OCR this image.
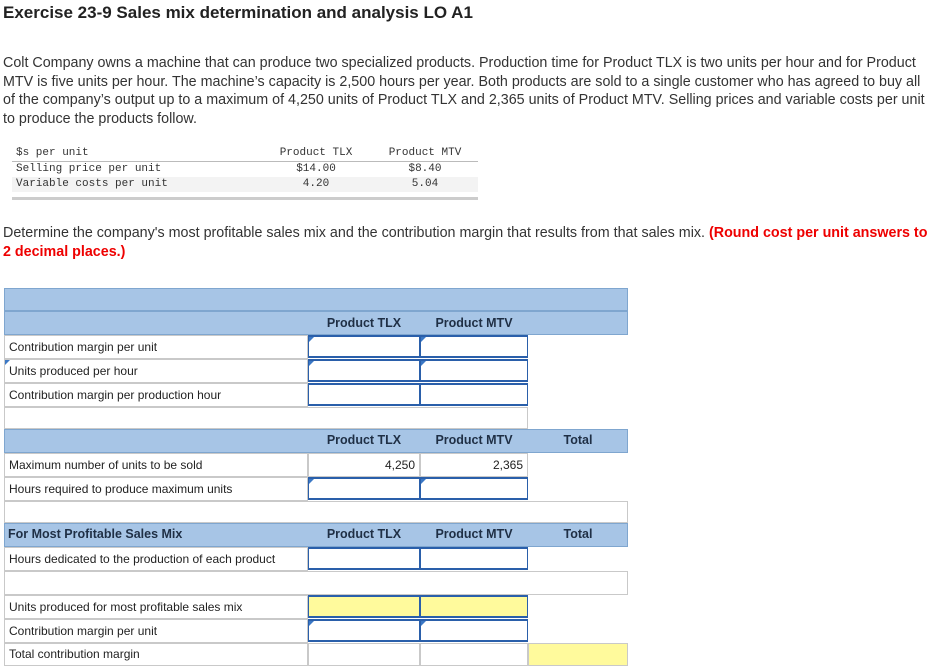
Exercise 23-9 Sales mix determination and analysis LO A1
Colt Company owns a machine that can produce two specialized products. Production time for Product TLX is two units per hour and for Product MTV is five units per hour. The machine’s capacity is 2,500 hours per year. Both products are sold to a single customer who has agreed to buy all of the company’s output up to a maximum of 4,250 units of Product TLX and 2,365 units of Product MTV. Selling prices and variable costs per unit to produce the products follow.
$s per unit	Product TLX	Product MTV
Selling price per unit	$14.00	$8.40
Variable costs per unit	4.20	5.04
Determine the company's most profitable sales mix and the contribution margin that results from that sales mix. (Round cost per unit answers to 2 decimal places.)
Product TLX	Product MTV
Contribution margin per unit
Units produced per hour
Contribution margin per production hour
Product TLX	Product MTV	Total
Maximum number of units to be sold	4,250	2,365
Hours required to produce maximum units
For Most Profitable Sales Mix	Product TLX	Product MTV	Total
Hours dedicated to the production of each product
Units produced for most profitable sales mix
Contribution margin per unit
Total contribution margin
